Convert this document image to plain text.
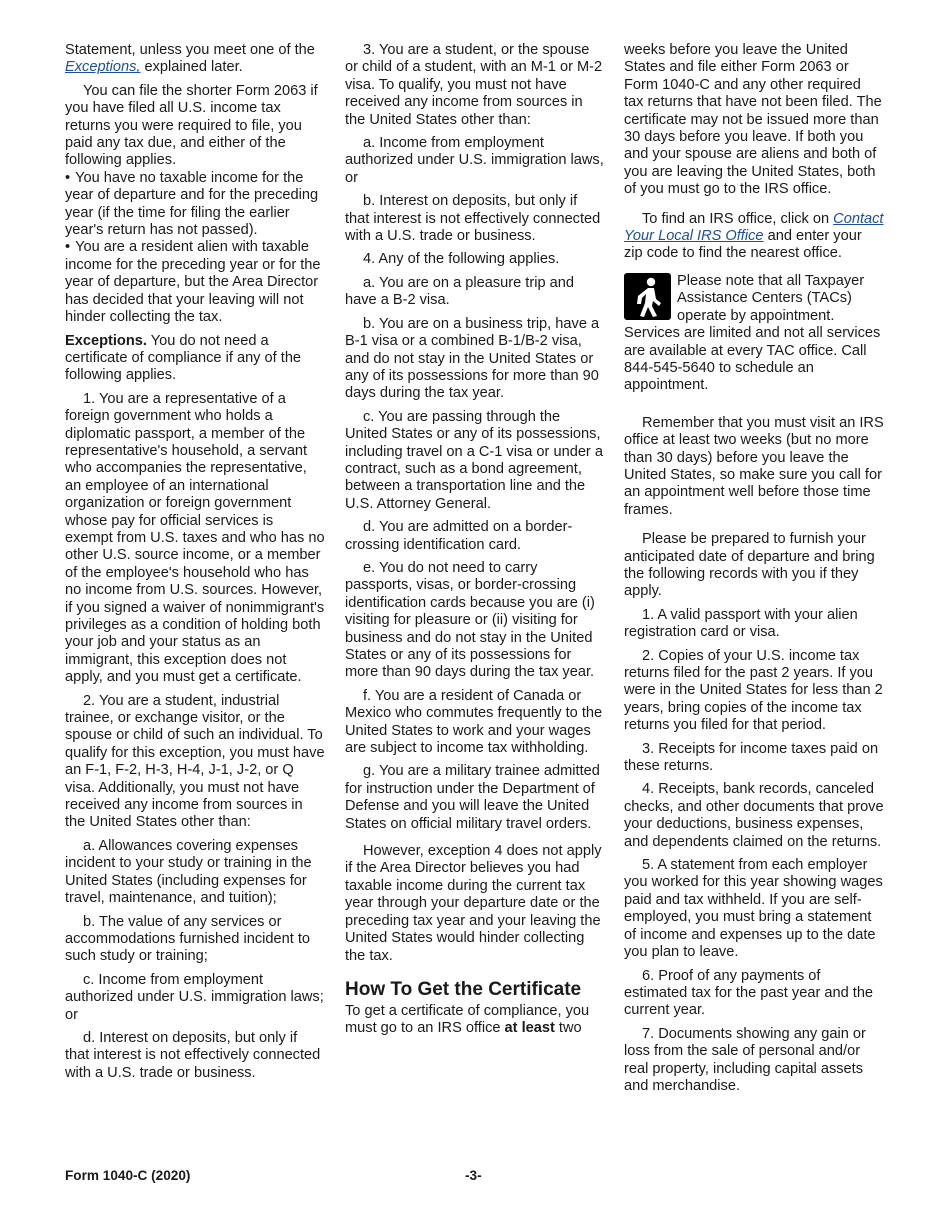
Statement, unless you meet one of the Exceptions, explained later.

You can file the shorter Form 2063 if you have filed all U.S. income tax returns you were required to file, you paid any tax due, and either of the following applies.

• You have no taxable income for the year of departure and for the preceding year (if the time for filing the earlier year's return has not passed).

• You are a resident alien with taxable income for the preceding year or for the year of departure, but the Area Director has decided that your leaving will not hinder collecting the tax.

Exceptions. You do not need a certificate of compliance if any of the following applies.

1. You are a representative of a foreign government who holds a diplomatic passport, a member of the representative's household, a servant who accompanies the representative, an employee of an international organization or foreign government whose pay for official services is exempt from U.S. taxes and who has no other U.S. source income, or a member of the employee's household who has no income from U.S. sources. However, if you signed a waiver of nonimmigrant's privileges as a condition of holding both your job and your status as an immigrant, this exception does not apply, and you must get a certificate.

2. You are a student, industrial trainee, or exchange visitor, or the spouse or child of such an individual. To qualify for this exception, you must have an F-1, F-2, H-3, H-4, J-1, J-2, or Q visa. Additionally, you must not have received any income from sources in the United States other than:

a. Allowances covering expenses incident to your study or training in the United States (including expenses for travel, maintenance, and tuition);

b. The value of any services or accommodations furnished incident to such study or training;

c. Income from employment authorized under U.S. immigration laws; or

d. Interest on deposits, but only if that interest is not effectively connected with a U.S. trade or business.

3. You are a student, or the spouse or child of a student, with an M-1 or M-2 visa. To qualify, you must not have received any income from sources in the United States other than:

a. Income from employment authorized under U.S. immigration laws, or

b. Interest on deposits, but only if that interest is not effectively connected with a U.S. trade or business.

4. Any of the following applies.

a. You are on a pleasure trip and have a B-2 visa.

b. You are on a business trip, have a B-1 visa or a combined B-1/B-2 visa, and do not stay in the United States or any of its possessions for more than 90 days during the tax year.

c. You are passing through the United States or any of its possessions, including travel on a C-1 visa or under a contract, such as a bond agreement, between a transportation line and the U.S. Attorney General.

d. You are admitted on a border-crossing identification card.

e. You do not need to carry passports, visas, or border-crossing identification cards because you are (i) visiting for pleasure or (ii) visiting for business and do not stay in the United States or any of its possessions for more than 90 days during the tax year.

f. You are a resident of Canada or Mexico who commutes frequently to the United States to work and your wages are subject to income tax withholding.

g. You are a military trainee admitted for instruction under the Department of Defense and you will leave the United States on official military travel orders.

However, exception 4 does not apply if the Area Director believes you had taxable income during the current tax year through your departure date or the preceding tax year and your leaving the United States would hinder collecting the tax.

How To Get the Certificate

To get a certificate of compliance, you must go to an IRS office at least two

weeks before you leave the United States and file either Form 2063 or Form 1040-C and any other required tax returns that have not been filed. The certificate may not be issued more than 30 days before you leave. If both you and your spouse are aliens and both of you are leaving the United States, both of you must go to the IRS office.

To find an IRS office, click on Contact Your Local IRS Office and enter your zip code to find the nearest office.

Please note that all Taxpayer Assistance Centers (TACs) operate by appointment. Services are limited and not all services are available at every TAC office. Call 844-545-5640 to schedule an appointment.

Remember that you must visit an IRS office at least two weeks (but no more than 30 days) before you leave the United States, so make sure you call for an appointment well before those time frames.

Please be prepared to furnish your anticipated date of departure and bring the following records with you if they apply.

1. A valid passport with your alien registration card or visa.

2. Copies of your U.S. income tax returns filed for the past 2 years. If you were in the United States for less than 2 years, bring copies of the income tax returns you filed for that period.

3. Receipts for income taxes paid on these returns.

4. Receipts, bank records, canceled checks, and other documents that prove your deductions, business expenses, and dependents claimed on the returns.

5. A statement from each employer you worked for this year showing wages paid and tax withheld. If you are self-employed, you must bring a statement of income and expenses up to the date you plan to leave.

6. Proof of any payments of estimated tax for the past year and the current year.

7. Documents showing any gain or loss from the sale of personal and/or real property, including capital assets and merchandise.

Form 1040-C (2020)	-3-
